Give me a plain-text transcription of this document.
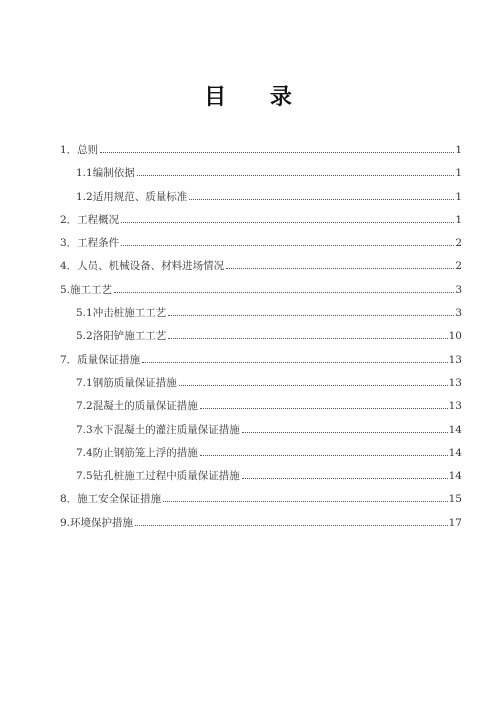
目 录
1．总则	1
1.1编制依据	1
1.2适用规范、质量标准	1
2．工程概况	1
3．工程条件	2
4．人员、机械设备、材料进场情况	2
5.施工工艺	3
5.1冲击桩施工工艺	3
5.2洛阳铲施工工艺	10
7．质量保证措施	13
7.1钢筋质量保证措施	13
7.2混凝土的质量保证措施	13
7.3水下混凝土的灌注质量保证措施	14
7.4防止钢筋笼上浮的措施	14
7.5钻孔桩施工过程中质量保证措施	14
8．施工安全保证措施	15
9.环境保护措施	17
